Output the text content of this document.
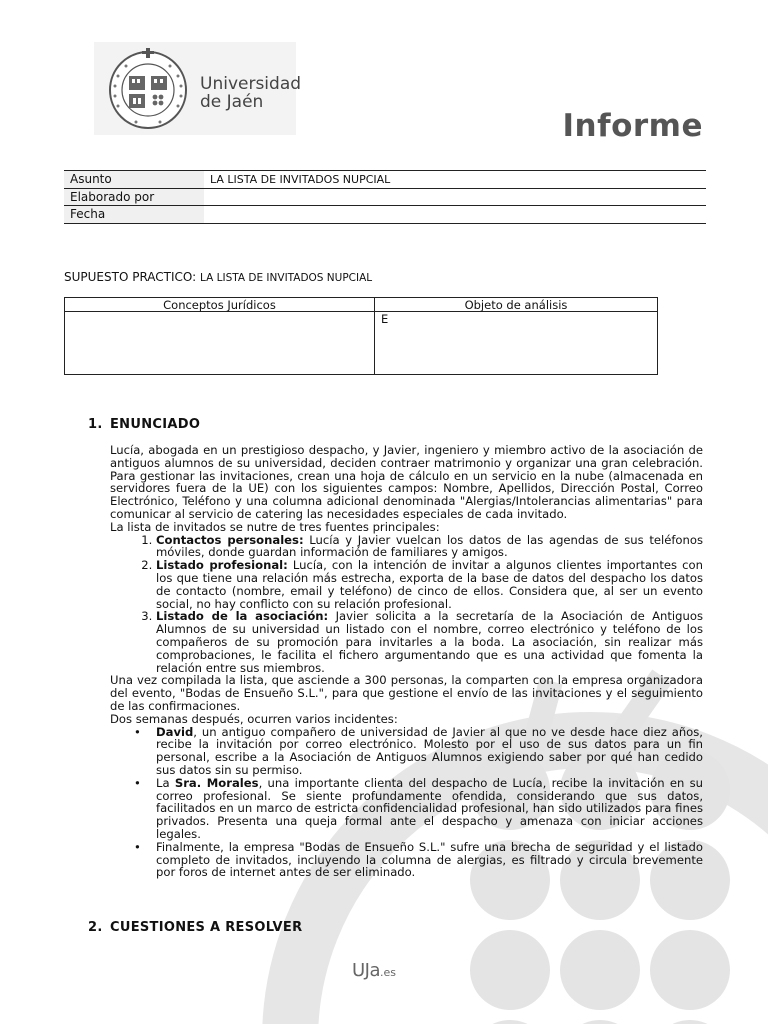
Universidad
de Jaén
Informe
Asunto	LA LISTA DE INVITADOS NUPCIAL
Elaborado por	
Fecha	
SUPUESTO PRACTICO: LA LISTA DE INVITADOS NUPCIAL
Conceptos Jurídicos	Objeto de análisis
	E
1. ENUNCIADO

Lucía, abogada en un prestigioso despacho, y Javier, ingeniero y miembro activo de la asociación de antiguos alumnos de su universidad, deciden contraer matrimonio y organizar una gran celebración. Para gestionar las invitaciones, crean una hoja de cálculo en un servicio en la nube (almacenada en servidores fuera de la UE) con los siguientes campos: Nombre, Apellidos, Dirección Postal, Correo Electrónico, Teléfono y una columna adicional denominada "Alergias/Intolerancias alimentarias" para comunicar al servicio de catering las necesidades especiales de cada invitado.

La lista de invitados se nutre de tres fuentes principales:

1. Contactos personales: Lucía y Javier vuelcan los datos de las agendas de sus teléfonos móviles, donde guardan información de familiares y amigos.
2. Listado profesional: Lucía, con la intención de invitar a algunos clientes importantes con los que tiene una relación más estrecha, exporta de la base de datos del despacho los datos de contacto (nombre, email y teléfono) de cinco de ellos. Considera que, al ser un evento social, no hay conflicto con su relación profesional.
3. Listado de la asociación: Javier solicita a la secretaría de la Asociación de Antiguos Alumnos de su universidad un listado con el nombre, correo electrónico y teléfono de los compañeros de su promoción para invitarles a la boda. La asociación, sin realizar más comprobaciones, le facilita el fichero argumentando que es una actividad que fomenta la relación entre sus miembros.

Una vez compilada la lista, que asciende a 300 personas, la comparten con la empresa organizadora del evento, "Bodas de Ensueño S.L.", para que gestione el envío de las invitaciones y el seguimiento de las confirmaciones.

Dos semanas después, ocurren varios incidentes:

• David, un antiguo compañero de universidad de Javier al que no ve desde hace diez años, recibe la invitación por correo electrónico. Molesto por el uso de sus datos para un fin personal, escribe a la Asociación de Antiguos Alumnos exigiendo saber por qué han cedido sus datos sin su permiso.
• La Sra. Morales, una importante clienta del despacho de Lucía, recibe la invitación en su correo profesional. Se siente profundamente ofendida, considerando que sus datos, facilitados en un marco de estricta confidencialidad profesional, han sido utilizados para fines privados. Presenta una queja formal ante el despacho y amenaza con iniciar acciones legales.
• Finalmente, la empresa "Bodas de Ensueño S.L." sufre una brecha de seguridad y el listado completo de invitados, incluyendo la columna de alergias, es filtrado y circula brevemente por foros de internet antes de ser eliminado.
2. CUESTIONES A RESOLVER
UJa.es
